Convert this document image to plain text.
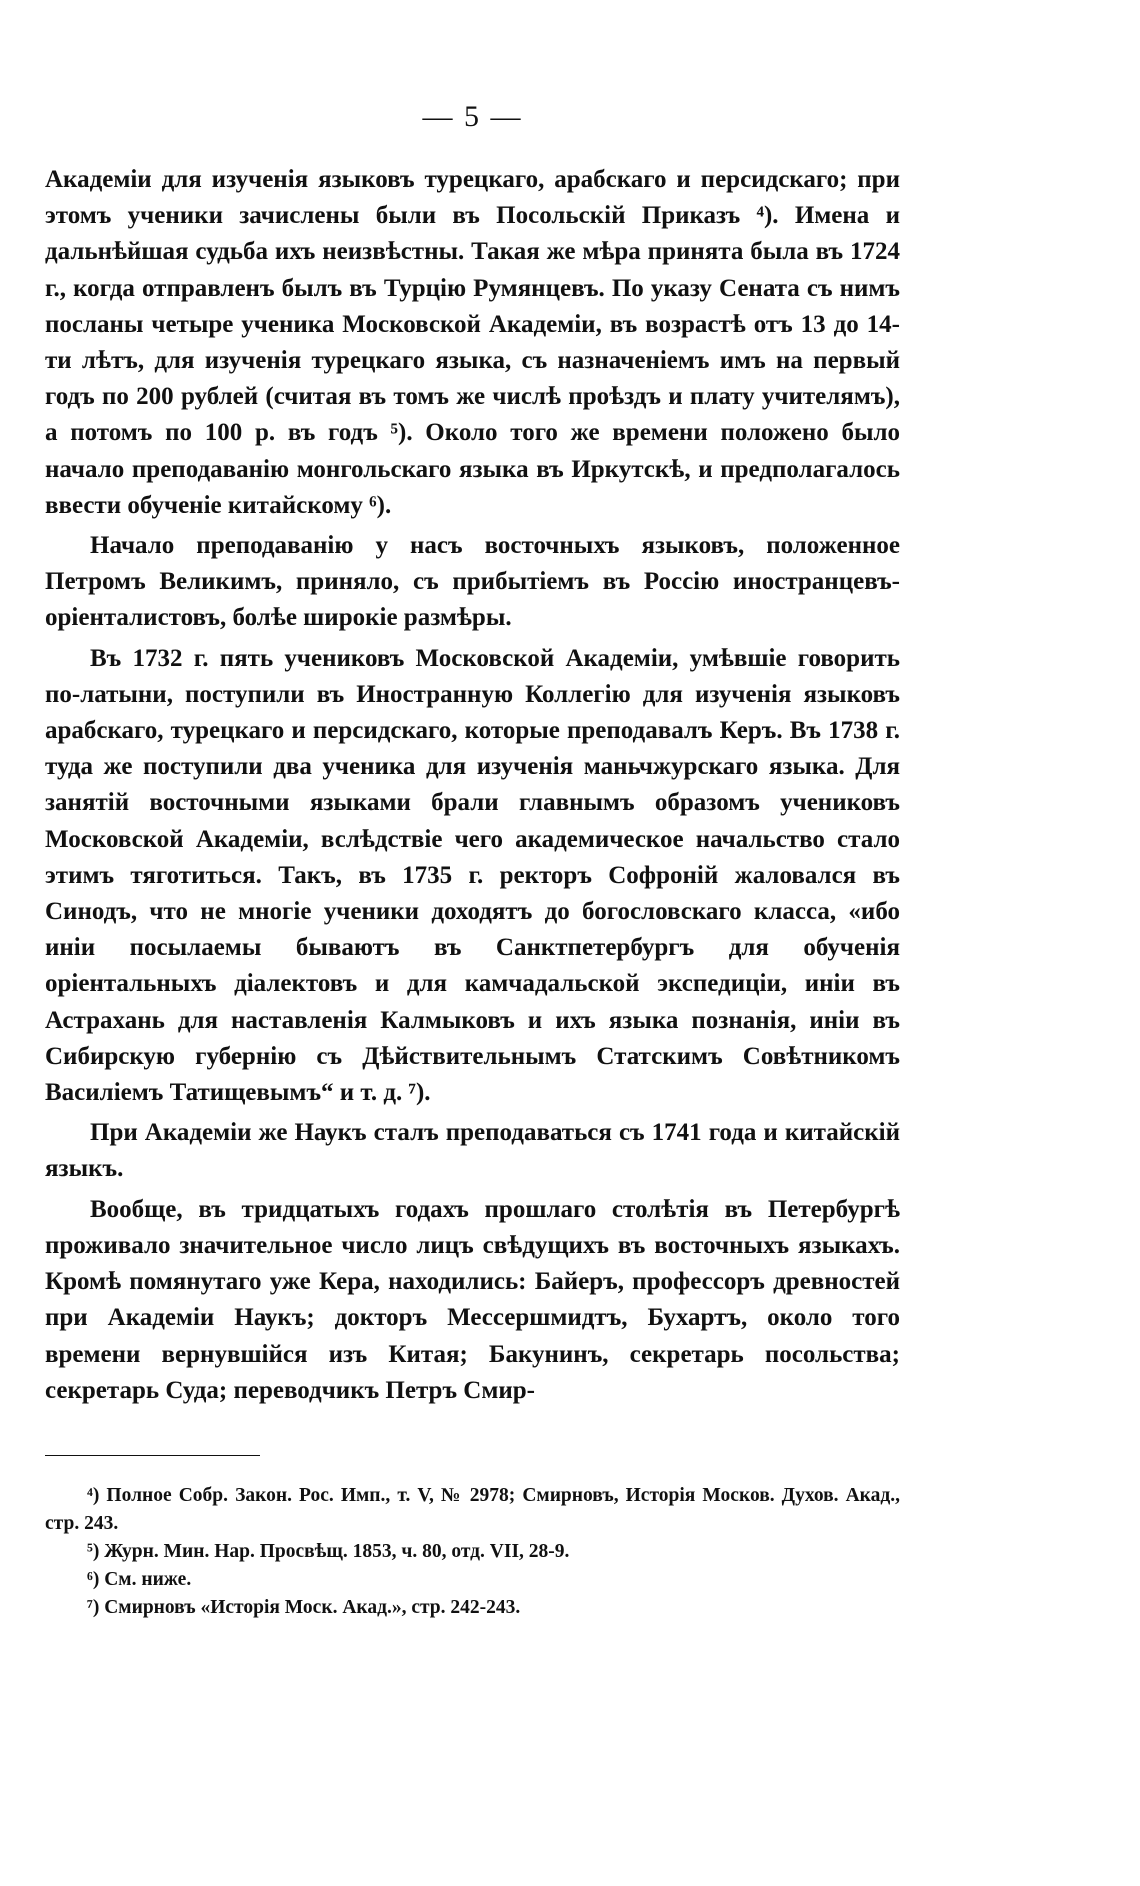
— 5 —

Академіи для изученія языковъ турецкаго, арабскаго и персидскаго; при этомъ ученики зачислены были въ Посольскій Приказъ ⁴). Имена и дальнѣйшая судьба ихъ неизвѣстны. Такая же мѣра принята была въ 1724 г., когда отправленъ былъ въ Турцію Румянцевъ. По указу Сената съ нимъ посланы четыре ученика Московской Академіи, въ возрастѣ отъ 13 до 14-ти лѣтъ, для изученія турецкаго языка, съ назначеніемъ имъ на первый годъ по 200 рублей (считая въ томъ же числѣ проѣздъ и плату учителямъ), а потомъ по 100 р. въ годъ ⁵). Около того же времени положено было начало преподаванію монгольскаго языка въ Иркутскѣ, и предполагалось ввести обученіе китайскому ⁶).

Начало преподаванію у насъ восточныхъ языковъ, положенное Петромъ Великимъ, приняло, съ прибытіемъ въ Россію иностранцевъ-оріенталистовъ, болѣе широкіе размѣры.

Въ 1732 г. пять учениковъ Московской Академіи, умѣвшіе говорить по-латыни, поступили въ Иностранную Коллегію для изученія языковъ арабскаго, турецкаго и персидскаго, которые преподавалъ Керъ. Въ 1738 г. туда же поступили два ученика для изученія маньчжурскаго языка. Для занятій восточными языками брали главнымъ образомъ учениковъ Московской Академіи, вслѣдствіе чего академическое начальство стало этимъ тяготиться. Такъ, въ 1735 г. ректоръ Софроній жаловался въ Синодъ, что не многіе ученики доходятъ до богословскаго класса, «ибо иніи посылаемы бываютъ въ Санктпетербургъ для обученія оріентальныхъ діалектовъ и для камчадальской экспедиціи, иніи въ Астрахань для наставленія Калмыковъ и ихъ языка познанія, иніи въ Сибирскую губернію съ Дѣйствительнымъ Статскимъ Совѣтникомъ Василіемъ Татищевымъ“ и т. д. ⁷).

При Академіи же Наукъ сталъ преподаваться съ 1741 года и китайскій языкъ.

Вообще, въ тридцатыхъ годахъ прошлаго столѣтія въ Петербургѣ проживало значительное число лицъ свѣдущихъ въ восточныхъ языкахъ. Кромѣ помянутаго уже Кера, находились: Байеръ, профессоръ древностей при Академіи Наукъ; докторъ Мессершмидтъ, Бухартъ, около того времени вернувшійся изъ Китая; Бакунинъ, секретарь посольства; секретарь Суда; переводчикъ Петръ Смир-

⁴) Полное Собр. Закон. Рос. Имп., т. V, № 2978; Смирновъ, Исторія Москов. Духов. Акад., стр. 243.

⁵) Журн. Мин. Нар. Просвѣщ. 1853, ч. 80, отд. VII, 28-9.

⁶) См. ниже.

⁷) Смирновъ «Исторія Моск. Акад.», стр. 242-243.
